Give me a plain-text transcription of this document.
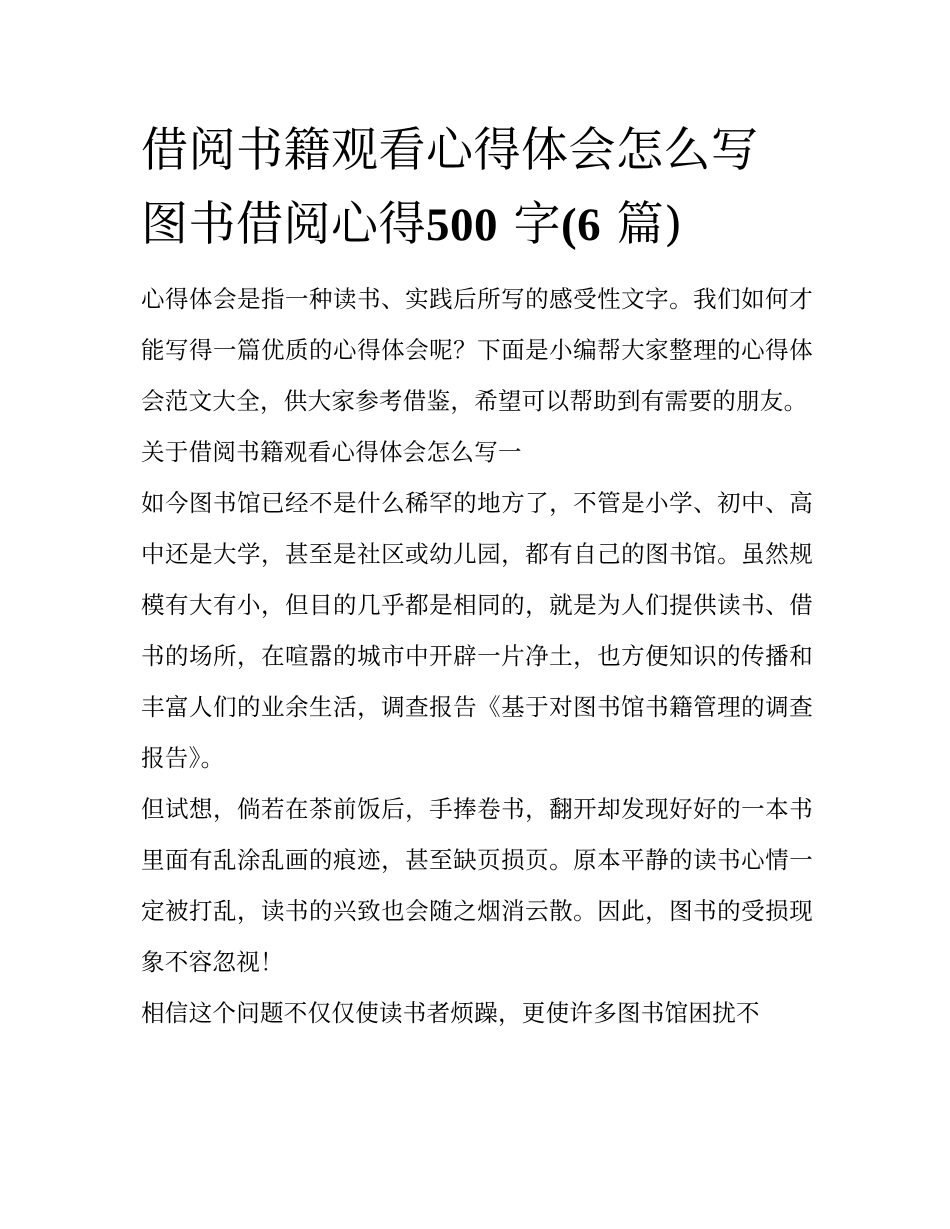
借阅书籍观看心得体会怎么写
图书借阅心得500 字(6 篇)

心得体会是指一种读书、实践后所写的感受性文字。我们如何才能写得一篇优质的心得体会呢？下面是小编帮大家整理的心得体会范文大全，供大家参考借鉴，希望可以帮助到有需要的朋友。

关于借阅书籍观看心得体会怎么写一

如今图书馆已经不是什么稀罕的地方了，不管是小学、初中、高中还是大学，甚至是社区或幼儿园，都有自己的图书馆。虽然规模有大有小，但目的几乎都是相同的，就是为人们提供读书、借书的场所，在喧嚣的城市中开辟一片净土，也方便知识的传播和丰富人们的业余生活，调查报告《基于对图书馆书籍管理的调查报告》。

但试想，倘若在茶前饭后，手捧卷书，翻开却发现好好的一本书里面有乱涂乱画的痕迹，甚至缺页损页。原本平静的读书心情一定被打乱，读书的兴致也会随之烟消云散。因此，图书的受损现象不容忽视！

相信这个问题不仅仅使读书者烦躁，更使许多图书馆困扰不
